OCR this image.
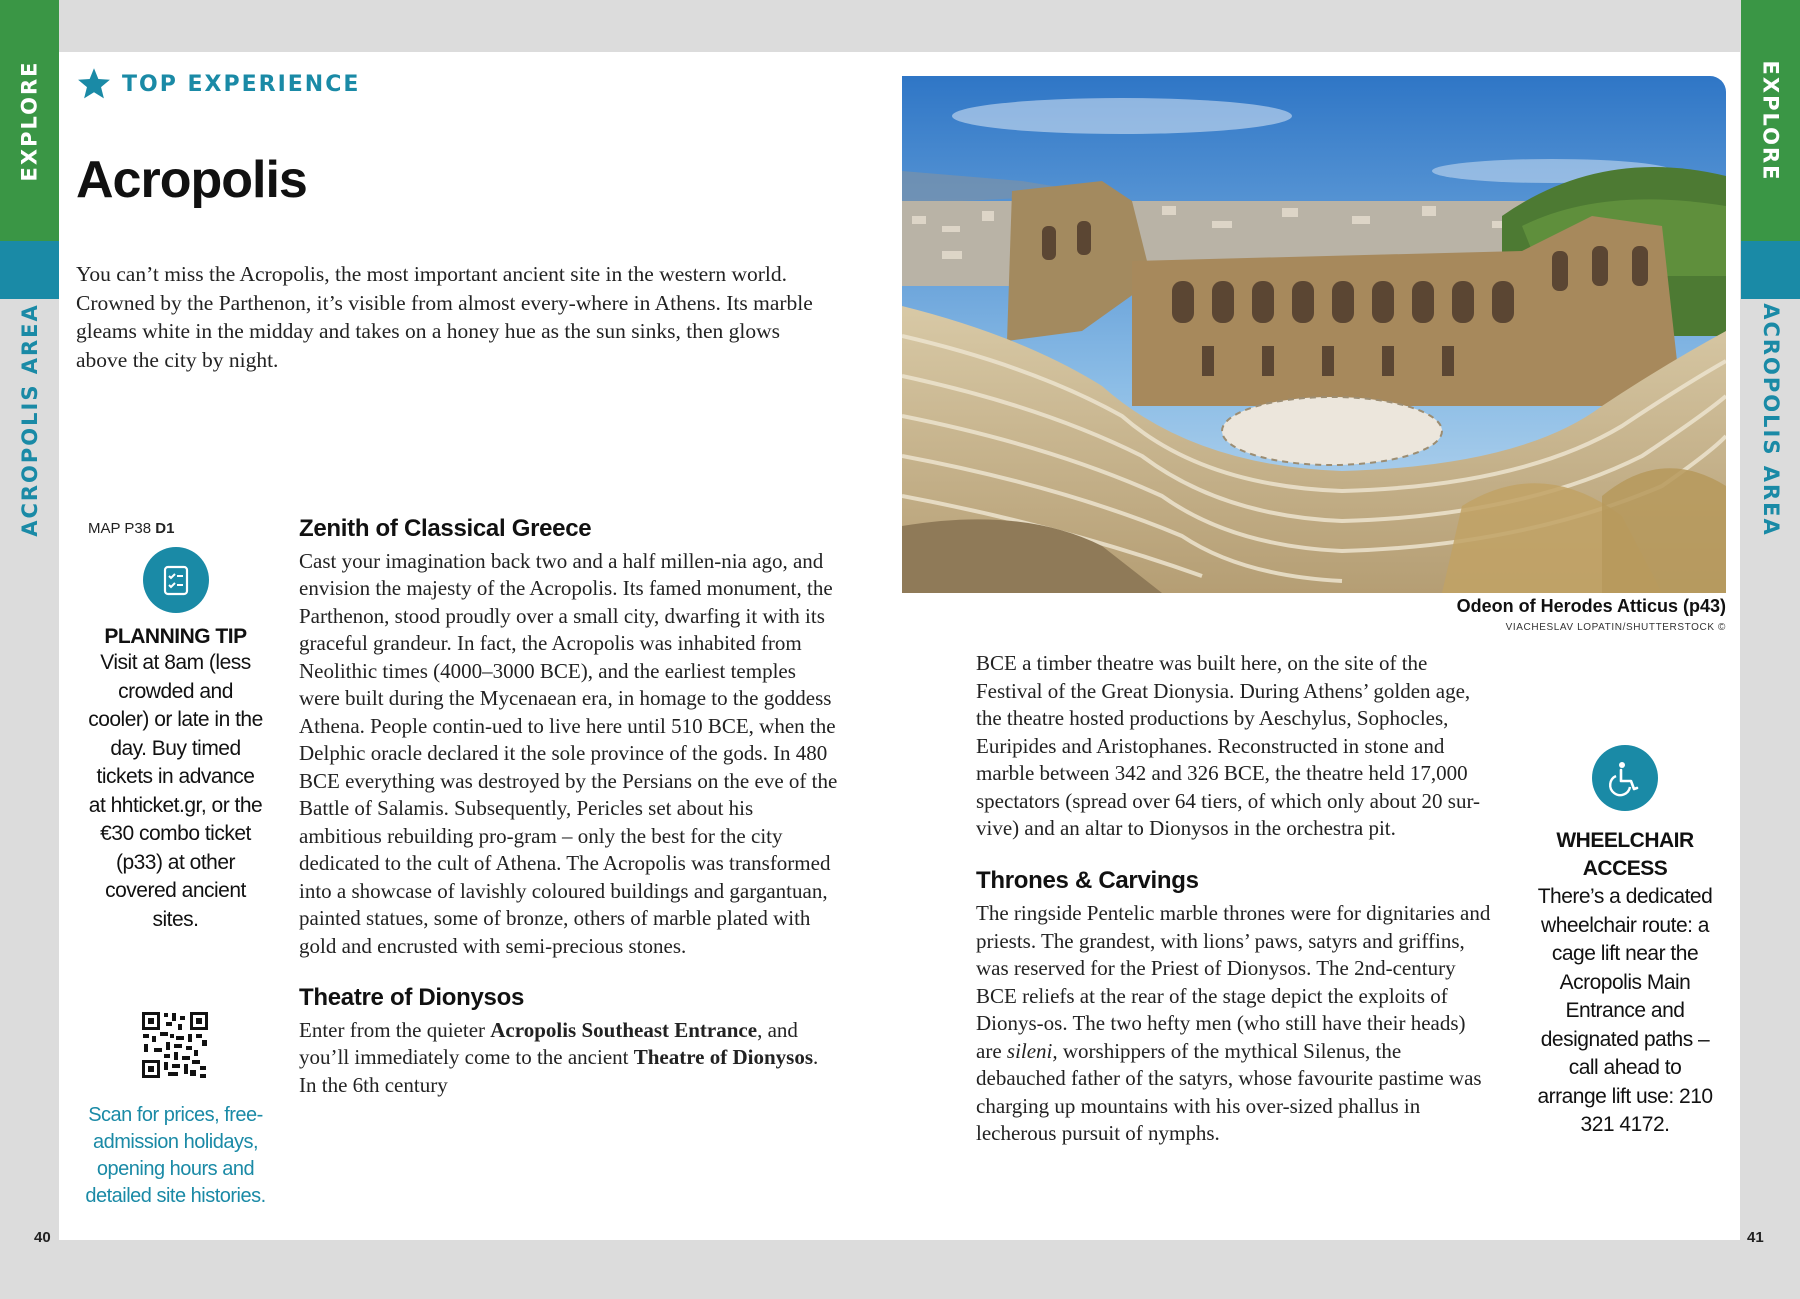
EXPLORE
ACROPOLIS AREA
EXPLORE
ACROPOLIS AREA
40	41
TOP EXPERIENCE
Acropolis
You can’t miss the Acropolis, the most important ancient site in the western world. Crowned by the Parthenon, it’s visible from almost every-where in Athens. Its marble gleams white in the midday and takes on a honey hue as the sun sinks, then glows above the city by night.
MAP P38 D1
PLANNING TIP
Visit at 8am (less crowded and cooler) or late in the day. Buy timed tickets in advance at hhticket.gr, or the €30 combo ticket (p33) at other covered ancient sites.
Scan for prices, free-admission holidays, opening hours and detailed site histories.
Zenith of Classical Greece

Cast your imagination back two and a half millen-nia ago, and envision the majesty of the Acropolis. Its famed monument, the Parthenon, stood proudly over a small city, dwarfing it with its graceful grandeur. In fact, the Acropolis was inhabited from Neolithic times (4000–3000 BCE), and the earliest temples were built during the Mycenaean era, in homage to the goddess Athena. People contin-ued to live here until 510 BCE, when the Delphic oracle declared it the sole province of the gods. In 480 BCE everything was destroyed by the Persians on the eve of the Battle of Salamis. Subsequently, Pericles set about his ambitious rebuilding pro-gram – only the best for the city dedicated to the cult of Athena. The Acropolis was transformed into a showcase of lavishly coloured buildings and gargantuan, painted statues, some of bronze, others of marble plated with gold and encrusted with semi-precious stones.

Theatre of Dionysos

Enter from the quieter Acropolis Southeast Entrance, and you’ll immediately come to the ancient Theatre of Dionysos. In the 6th century

Odeon of Herodes Atticus (p43)
VIACHESLAV LOPATIN/SHUTTERSTOCK ©

BCE a timber theatre was built here, on the site of the Festival of the Great Dionysia. During Athens’ golden age, the theatre hosted productions by Aeschylus, Sophocles, Euripides and Aristophanes. Reconstructed in stone and marble between 342 and 326 BCE, the theatre held 17,000 spectators (spread over 64 tiers, of which only about 20 sur-vive) and an altar to Dionysos in the orchestra pit.

Thrones & Carvings

The ringside Pentelic marble thrones were for dignitaries and priests. The grandest, with lions’ paws, satyrs and griffins, was reserved for the Priest of Dionysos. The 2nd-century BCE reliefs at the rear of the stage depict the exploits of Dionys-os. The two hefty men (who still have their heads) are sileni, worshippers of the mythical Silenus, the debauched father of the satyrs, whose favourite pastime was charging up mountains with his over-sized phallus in lecherous pursuit of nymphs.

WHEELCHAIR ACCESS
There’s a dedicated wheelchair route: a cage lift near the Acropolis Main Entrance and designated paths – call ahead to arrange lift use: 210 321 4172.
